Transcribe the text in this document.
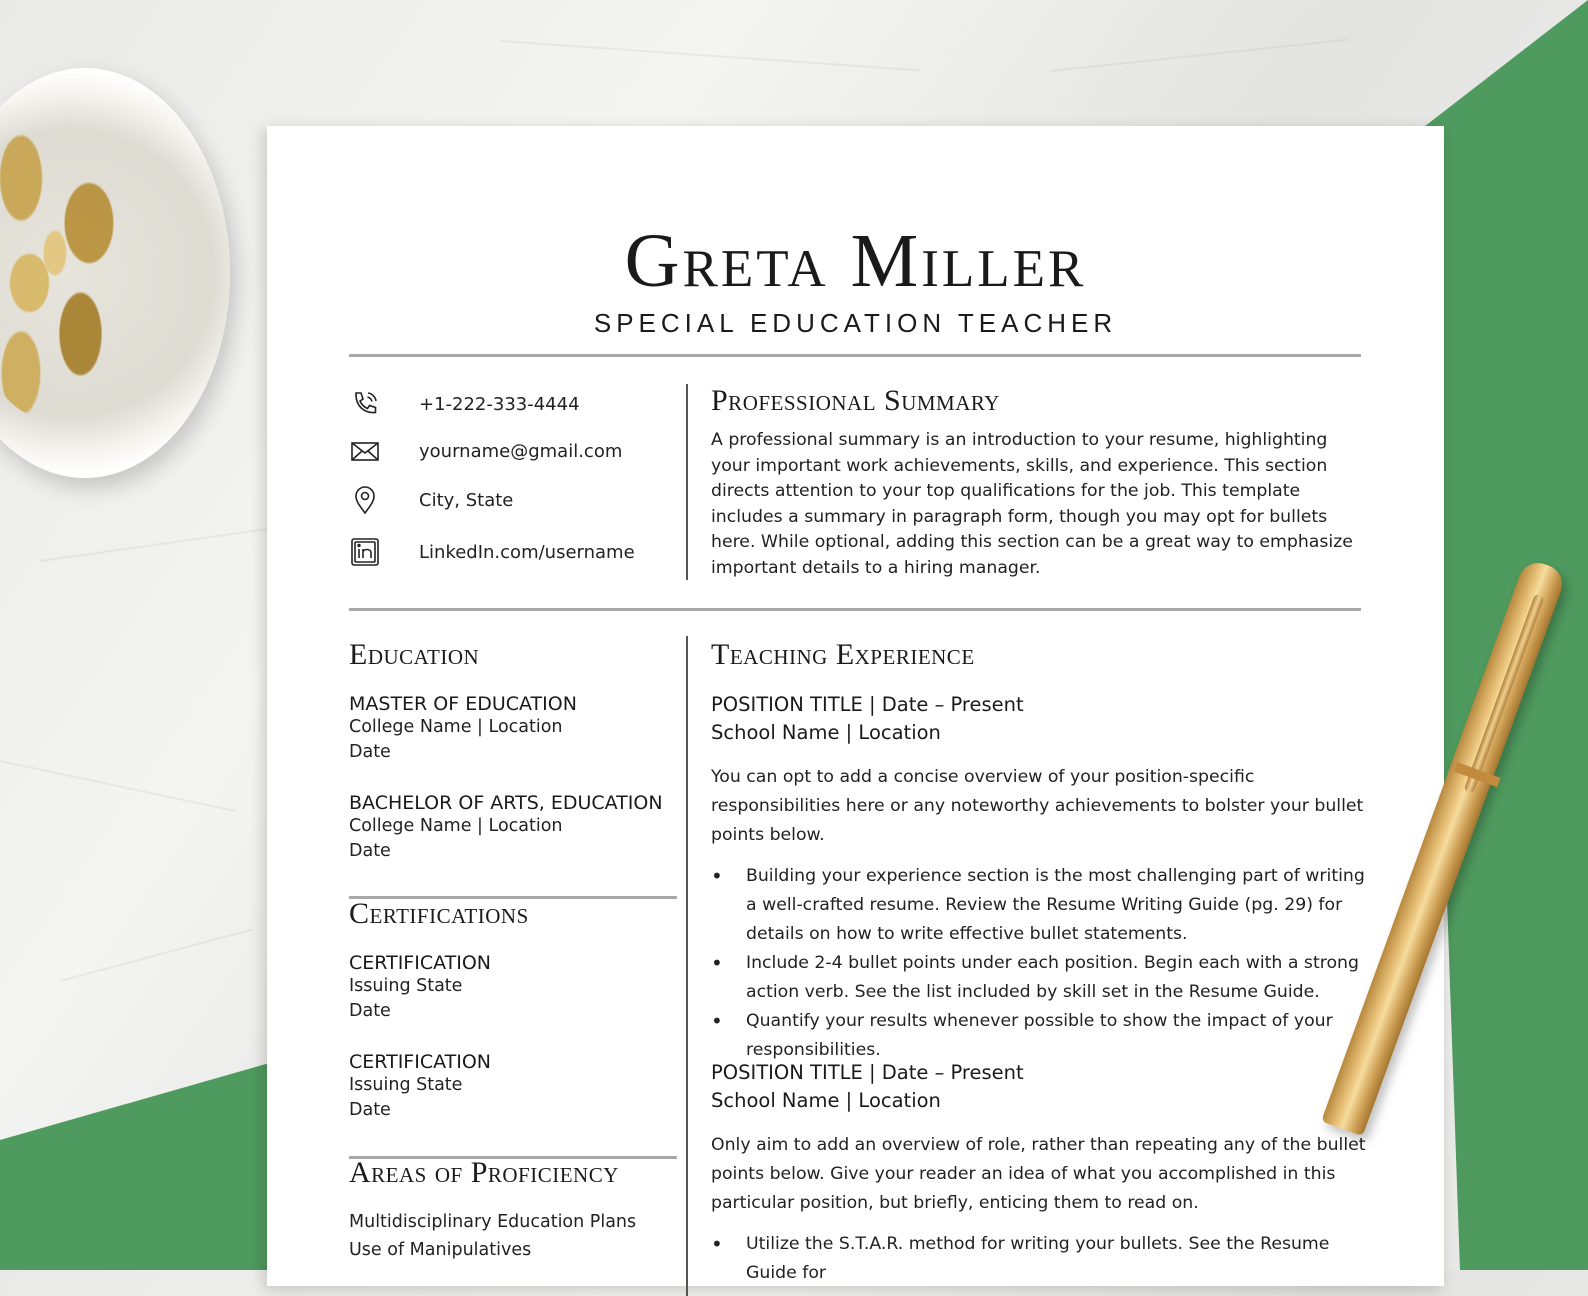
Greta Miller
SPECIAL EDUCATION TEACHER
+1-222-333-4444
yourname@gmail.com
City, State
LinkedIn.com/username
Professional Summary
A professional summary is an introduction to your resume, highlighting your important work achievements, skills, and experience. This section directs attention to your top qualifications for the job. This template includes a summary in paragraph form, though you may opt for bullets here. While optional, adding this section can be a great way to emphasize important details to a hiring manager.
Education
MASTER OF EDUCATION
College Name | Location
Date
BACHELOR OF ARTS, EDUCATION
College Name | Location
Date
Certifications
CERTIFICATION
Issuing State
Date
CERTIFICATION
Issuing State
Date
Areas of Proficiency
Multidisciplinary Education Plans
Use of Manipulatives
Teaching Experience
POSITION TITLE | Date – Present
School Name | Location
You can opt to add a concise overview of your position-specific responsibilities here or any noteworthy achievements to bolster your bullet points below.
• Building your experience section is the most challenging part of writing a well-crafted resume. Review the Resume Writing Guide (pg. 29) for details on how to write effective bullet statements.
• Include 2-4 bullet points under each position. Begin each with a strong action verb. See the list included by skill set in the Resume Guide.
• Quantify your results whenever possible to show the impact of your responsibilities.
POSITION TITLE | Date – Present
School Name | Location
Only aim to add an overview of role, rather than repeating any of the bullet points below. Give your reader an idea of what you accomplished in this particular position, but briefly, enticing them to read on.
• Utilize the S.T.A.R. method for writing your bullets. See the Resume Guide for
